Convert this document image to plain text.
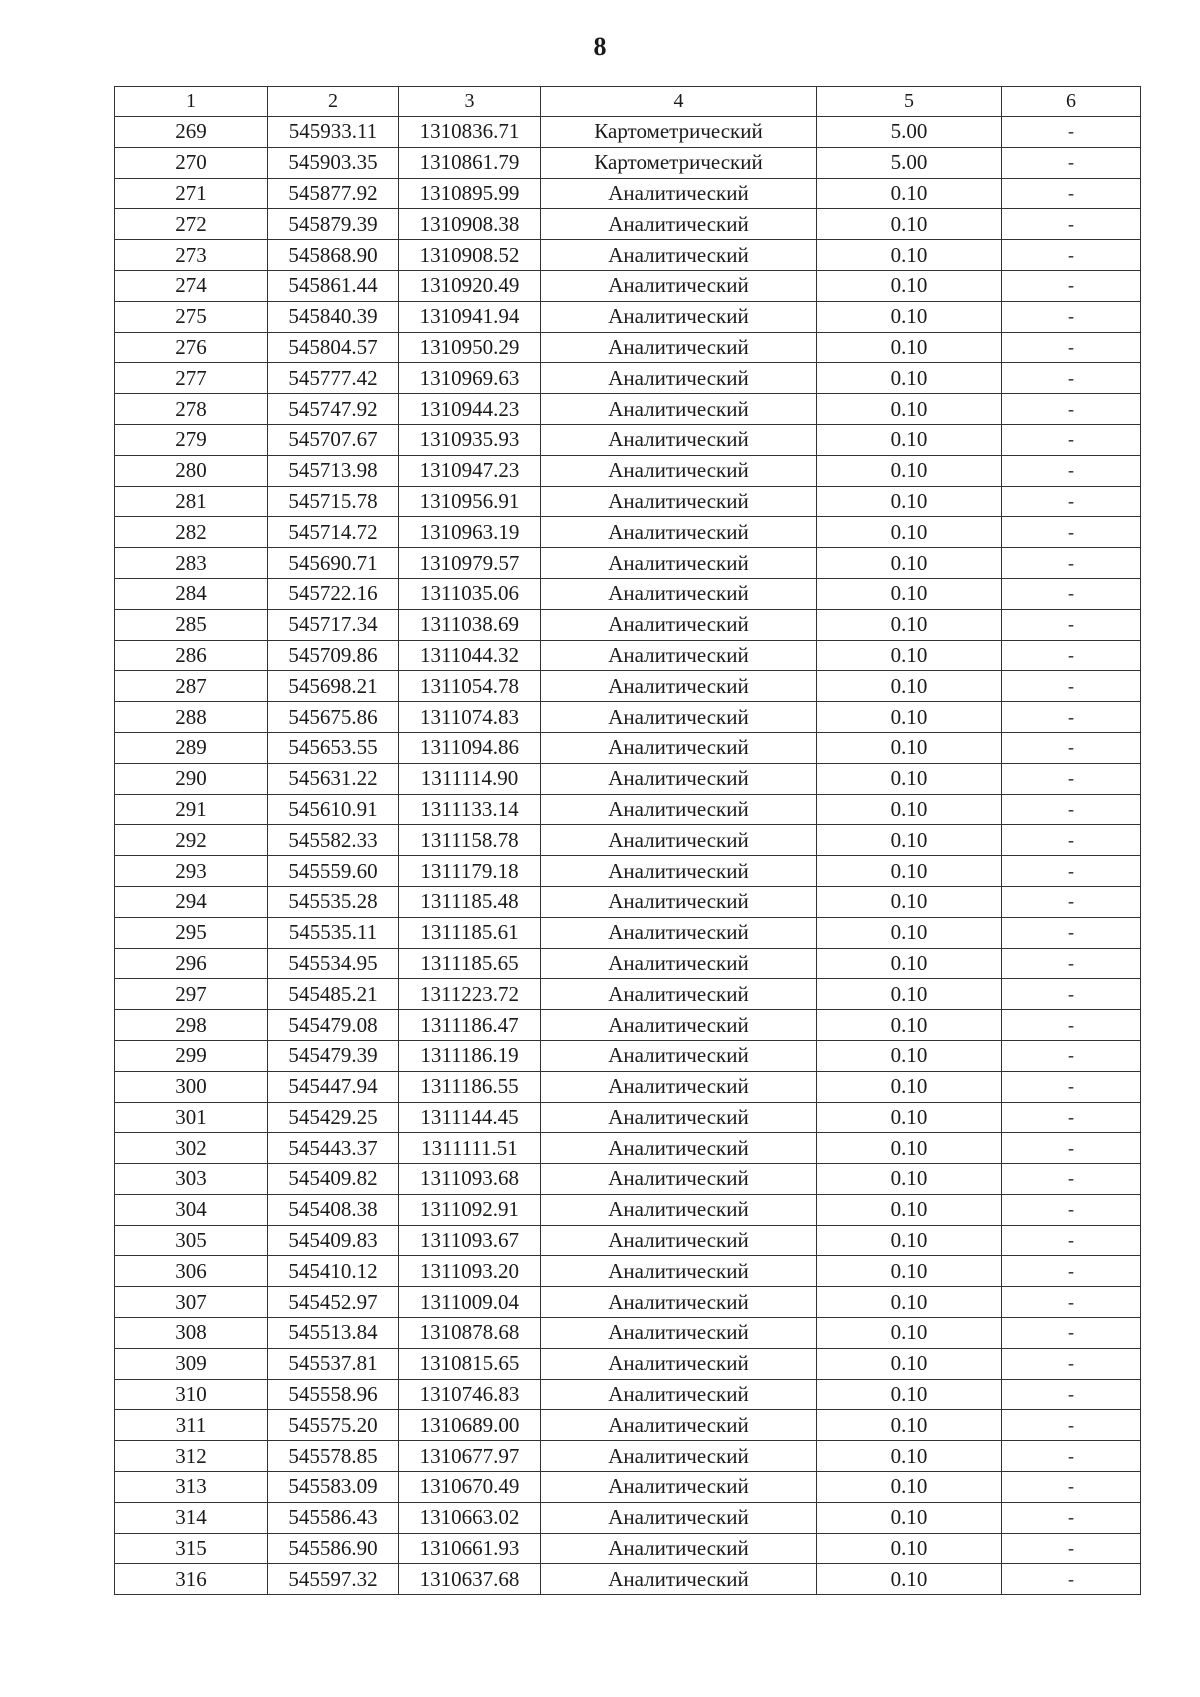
8
1	2	3	4	5	6
269	545933.11	1310836.71	Картометрический	5.00	-
270	545903.35	1310861.79	Картометрический	5.00	-
271	545877.92	1310895.99	Аналитический	0.10	-
272	545879.39	1310908.38	Аналитический	0.10	-
273	545868.90	1310908.52	Аналитический	0.10	-
274	545861.44	1310920.49	Аналитический	0.10	-
275	545840.39	1310941.94	Аналитический	0.10	-
276	545804.57	1310950.29	Аналитический	0.10	-
277	545777.42	1310969.63	Аналитический	0.10	-
278	545747.92	1310944.23	Аналитический	0.10	-
279	545707.67	1310935.93	Аналитический	0.10	-
280	545713.98	1310947.23	Аналитический	0.10	-
281	545715.78	1310956.91	Аналитический	0.10	-
282	545714.72	1310963.19	Аналитический	0.10	-
283	545690.71	1310979.57	Аналитический	0.10	-
284	545722.16	1311035.06	Аналитический	0.10	-
285	545717.34	1311038.69	Аналитический	0.10	-
286	545709.86	1311044.32	Аналитический	0.10	-
287	545698.21	1311054.78	Аналитический	0.10	-
288	545675.86	1311074.83	Аналитический	0.10	-
289	545653.55	1311094.86	Аналитический	0.10	-
290	545631.22	1311114.90	Аналитический	0.10	-
291	545610.91	1311133.14	Аналитический	0.10	-
292	545582.33	1311158.78	Аналитический	0.10	-
293	545559.60	1311179.18	Аналитический	0.10	-
294	545535.28	1311185.48	Аналитический	0.10	-
295	545535.11	1311185.61	Аналитический	0.10	-
296	545534.95	1311185.65	Аналитический	0.10	-
297	545485.21	1311223.72	Аналитический	0.10	-
298	545479.08	1311186.47	Аналитический	0.10	-
299	545479.39	1311186.19	Аналитический	0.10	-
300	545447.94	1311186.55	Аналитический	0.10	-
301	545429.25	1311144.45	Аналитический	0.10	-
302	545443.37	1311111.51	Аналитический	0.10	-
303	545409.82	1311093.68	Аналитический	0.10	-
304	545408.38	1311092.91	Аналитический	0.10	-
305	545409.83	1311093.67	Аналитический	0.10	-
306	545410.12	1311093.20	Аналитический	0.10	-
307	545452.97	1311009.04	Аналитический	0.10	-
308	545513.84	1310878.68	Аналитический	0.10	-
309	545537.81	1310815.65	Аналитический	0.10	-
310	545558.96	1310746.83	Аналитический	0.10	-
311	545575.20	1310689.00	Аналитический	0.10	-
312	545578.85	1310677.97	Аналитический	0.10	-
313	545583.09	1310670.49	Аналитический	0.10	-
314	545586.43	1310663.02	Аналитический	0.10	-
315	545586.90	1310661.93	Аналитический	0.10	-
316	545597.32	1310637.68	Аналитический	0.10	-
